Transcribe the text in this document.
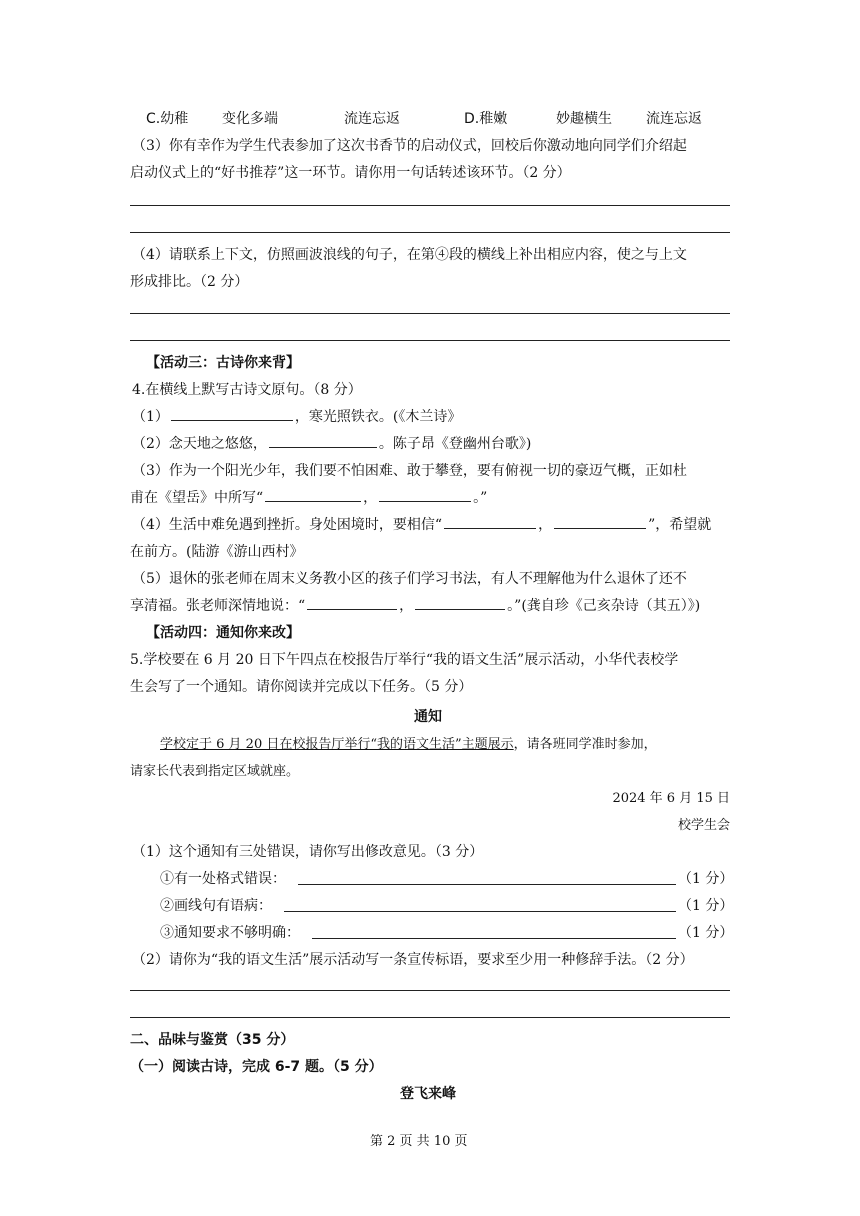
C.幼稚 变化多端	流连忘返	D.稚嫩	妙趣横生 流连忘返
（3）你有幸作为学生代表参加了这次书香节的启动仪式，回校后你激动地向同学们介绍起
启动仪式上的“好书推荐”这一环节。请你用一句话转述该环节。（2 分）
（4）请联系上下文，仿照画波浪线的句子，在第④段的横线上补出相应内容，使之与上文
形成排比。（2 分）
【活动三：古诗你来背】
4.在横线上默写古诗文原句。（8 分）
（1）	，寒光照铁衣。(《木兰诗》
（2）念天地之悠悠，	。陈子昂《登幽州台歌》)
（3）作为一个阳光少年，我们要不怕困难、敢于攀登，要有俯视一切的豪迈气概，正如杜
甫在《望岳》中所写“	，	。”
（4）生活中难免遇到挫折。身处困境时，要相信“	，	”，希望就
在前方。(陆游《游山西村》
（5）退休的张老师在周末义务教小区的孩子们学习书法，有人不理解他为什么退休了还不
享清福。张老师深情地说：“	，	。”(龚自珍《己亥杂诗（其五）》)
【活动四：通知你来改】
5.学校要在 6 月 20 日下午四点在校报告厅举行“我的语文生活”展示活动，小华代表校学
生会写了一个通知。请你阅读并完成以下任务。（5 分）
通知
学校定于 6 月 20 日在校报告厅举行“我的语文生活”主题展示，请各班同学准时参加，
请家长代表到指定区域就座。
2024 年 6 月 15 日
校学生会
（1）这个通知有三处错误，请你写出修改意见。（3 分）
①有一处格式错误：	（1 分）
②画线句有语病：	（1 分）
③通知要求不够明确：	（1 分）
（2）请你为“我的语文生活”展示活动写一条宣传标语，要求至少用一种修辞手法。（2 分）
二、品味与鉴赏（35 分）
（一）阅读古诗，完成 6-7 题。（5 分）
登飞来峰
第 2 页 共 10 页
